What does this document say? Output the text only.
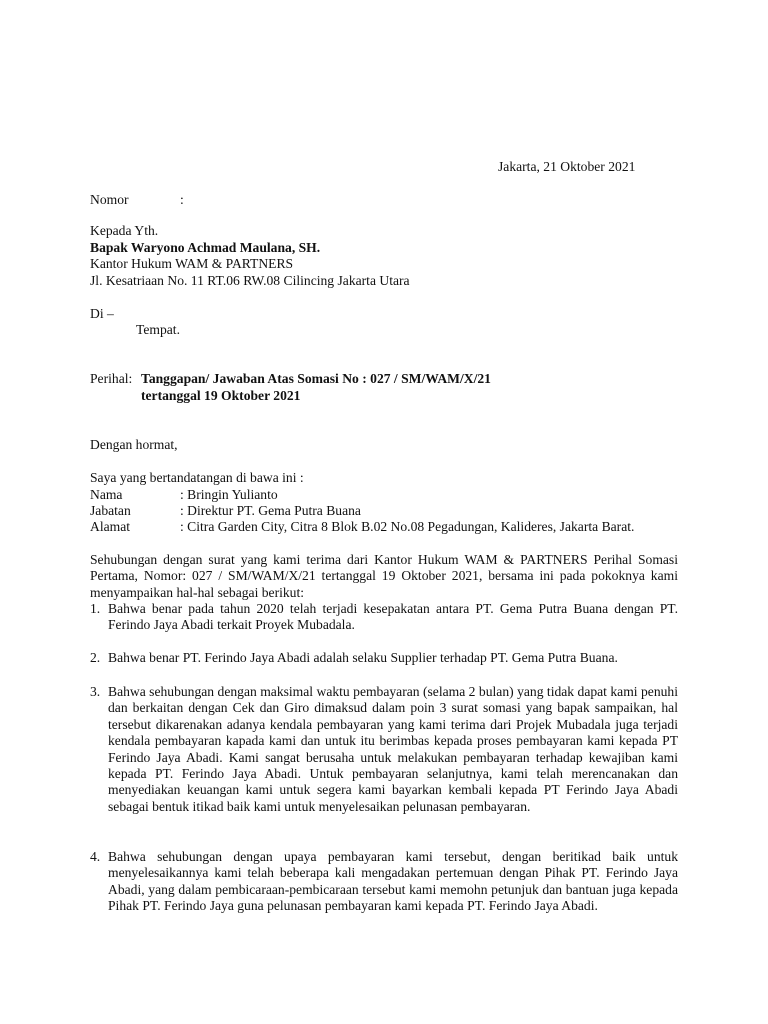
Jakarta, 21 Oktober 2021
Nomor	:
Kepada Yth.
Bapak Waryono Achmad Maulana, SH.
Kantor Hukum WAM & PARTNERS
Jl. Kesatriaan No. 11 RT.06 RW.08 Cilincing Jakarta Utara
Di –
Tempat.
Perihal: Tanggapan/ Jawaban Atas Somasi No : 027 / SM/WAM/X/21
tertanggal 19 Oktober 2021
Dengan hormat,
Saya yang bertandatangan di bawa ini :
Nama	: Bringin Yulianto
Jabatan	: Direktur PT. Gema Putra Buana
Alamat	: Citra Garden City, Citra 8 Blok B.02 No.08 Pegadungan, Kalideres, Jakarta Barat.
Sehubungan dengan surat yang kami terima dari Kantor Hukum WAM & PARTNERS Perihal Somasi Pertama, Nomor: 027 / SM/WAM/X/21 tertanggal 19 Oktober 2021, bersama ini pada pokoknya kami menyampaikan hal-hal sebagai berikut:
1. Bahwa benar pada tahun 2020 telah terjadi kesepakatan antara PT. Gema Putra Buana dengan PT. Ferindo Jaya Abadi terkait Proyek Mubadala.
2. Bahwa benar PT. Ferindo Jaya Abadi adalah selaku Supplier terhadap PT. Gema Putra Buana.
3. Bahwa sehubungan dengan maksimal waktu pembayaran (selama 2 bulan) yang tidak dapat kami penuhi dan berkaitan dengan Cek dan Giro dimaksud dalam poin 3 surat somasi yang bapak sampaikan, hal tersebut dikarenakan adanya kendala pembayaran yang kami terima dari Projek Mubadala juga terjadi kendala pembayaran kapada kami dan untuk itu berimbas kepada proses pembayaran kami kepada PT Ferindo Jaya Abadi. Kami sangat berusaha untuk melakukan pembayaran terhadap kewajiban kami kepada PT. Ferindo Jaya Abadi. Untuk pembayaran selanjutnya, kami telah merencanakan dan menyediakan keuangan kami untuk segera kami bayarkan kembali kepada PT Ferindo Jaya Abadi sebagai bentuk itikad baik kami untuk menyelesaikan pelunasan pembayaran.
4. Bahwa sehubungan dengan upaya pembayaran kami tersebut, dengan beritikad baik untuk menyelesaikannya kami telah beberapa kali mengadakan pertemuan dengan Pihak PT. Ferindo Jaya Abadi, yang dalam pembicaraan-pembicaraan tersebut kami memohn petunjuk dan bantuan juga kepada Pihak PT. Ferindo Jaya guna pelunasan pembayaran kami kepada PT. Ferindo Jaya Abadi.
